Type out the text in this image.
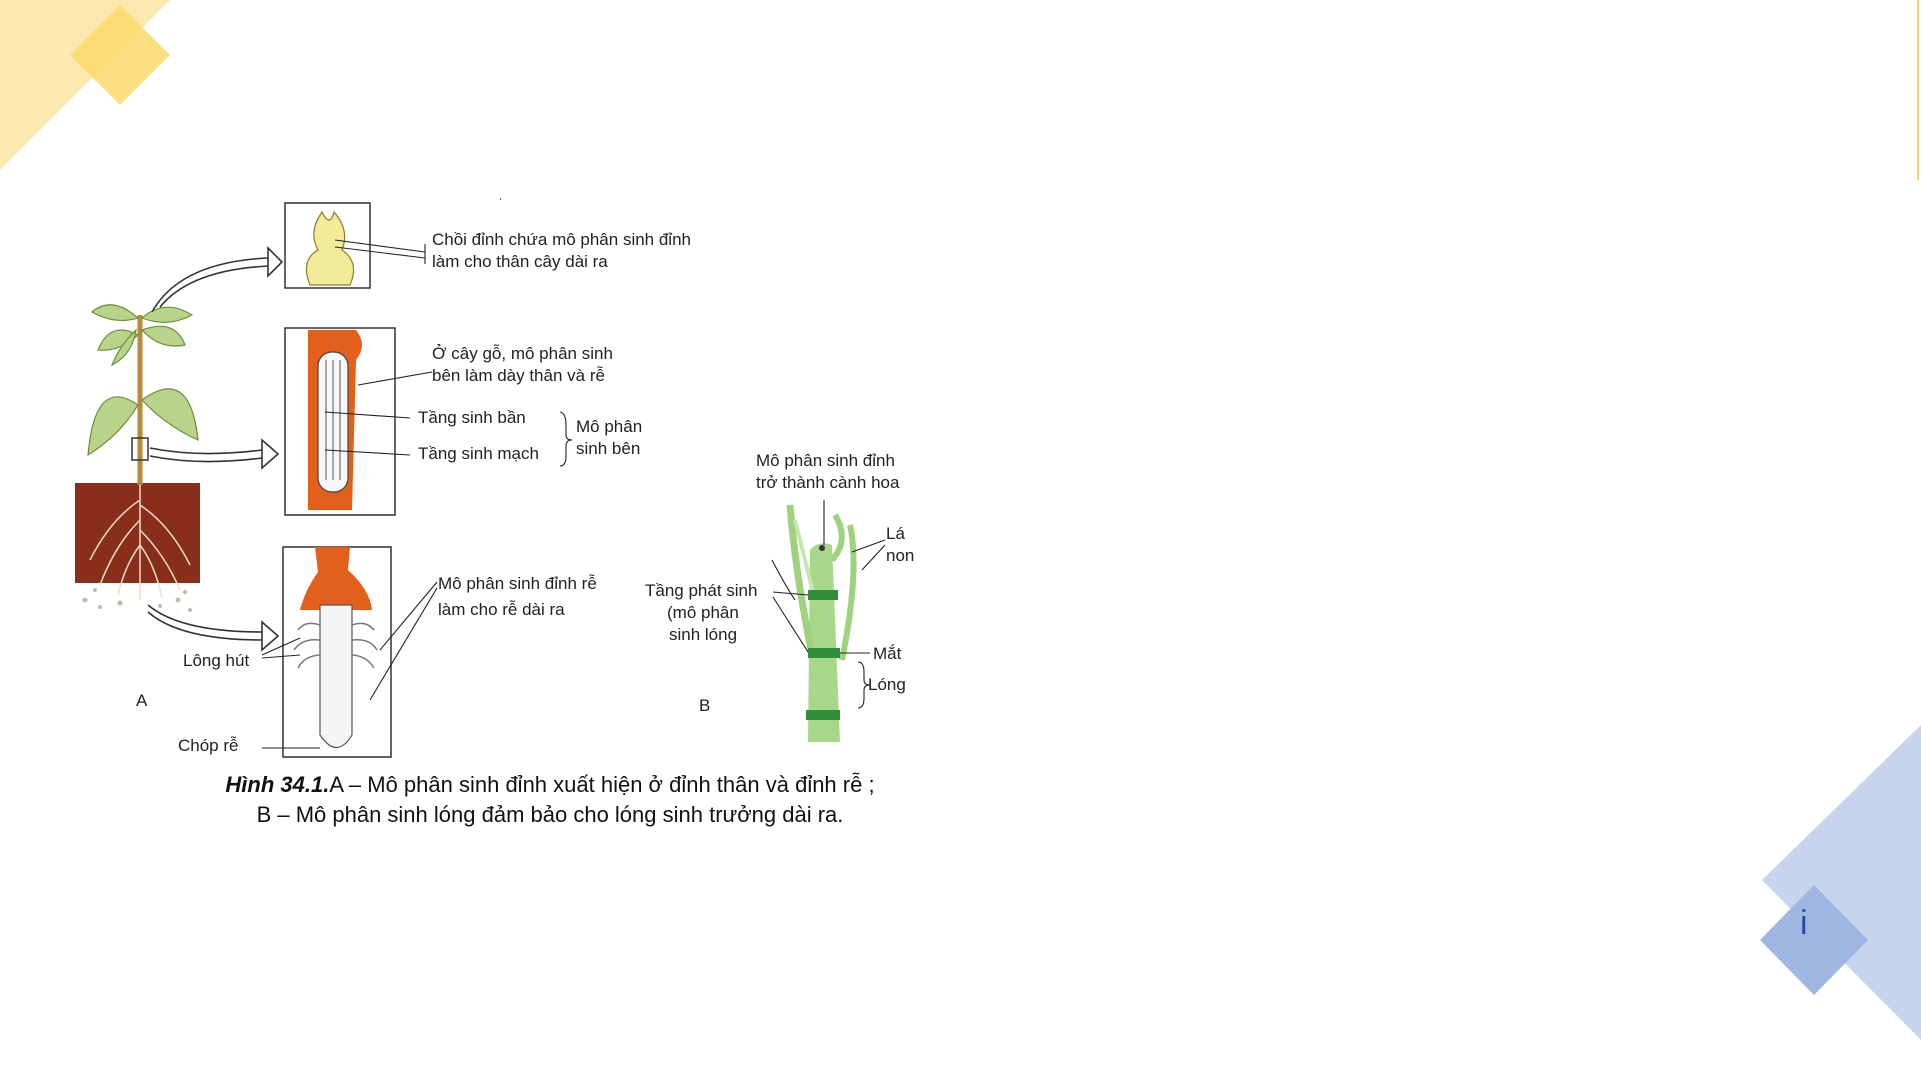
i
Chồi đỉnh chứa mô phân sinh đỉnh
làm cho thân cây dài ra
Ở cây gỗ, mô phân sinh
bên làm dày thân và rễ
Tầng sinh bần
Tầng sinh mạch
Mô phân
sinh bên
Mô phân sinh đỉnh rễ
làm cho rễ dài ra
Lông hút
Chóp rễ
A
Mô phân sinh đỉnh
trở thành cành hoa
Lá
non
Tầng phát sinh
(mô phân
sinh lóng
Mắt
Lóng
B
Hình 34.1.A – Mô phân sinh đỉnh xuất hiện ở đỉnh thân và đỉnh rễ ;
B – Mô phân sinh lóng đảm bảo cho lóng sinh trưởng dài ra.
